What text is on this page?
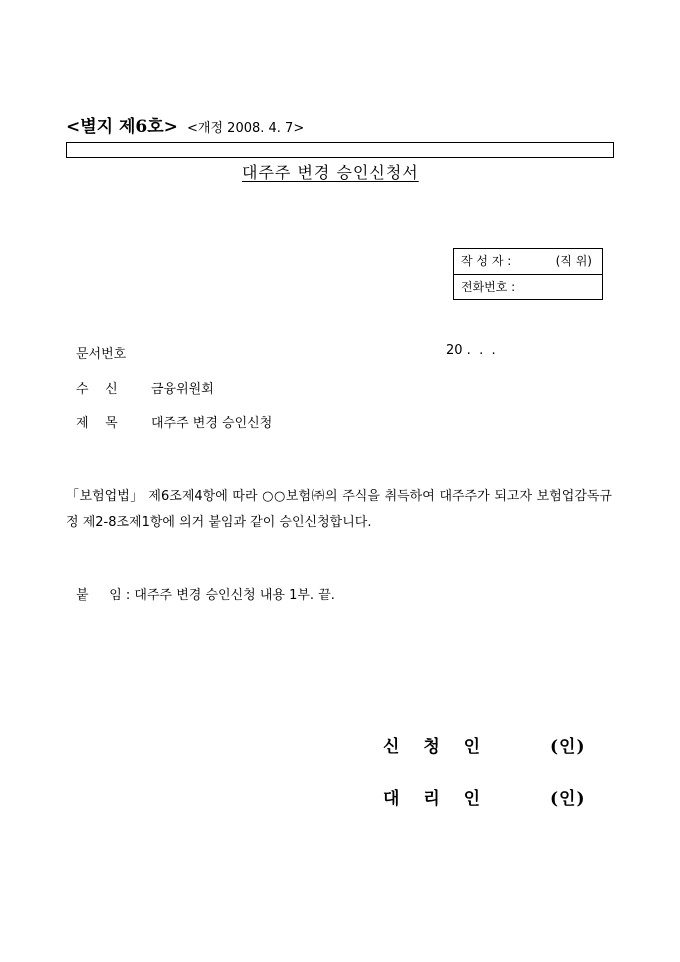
<별지 제6호> <개정 2008. 4. 7>
대주주 변경 승인신청서
작 성 자 :	(직 위)
전화번호 :
문서번호	20 .  .  .
수    신	금융위원회
제    목	대주주 변경 승인신청
「보험업법」 제6조제4항에 따라 ○○보험㈜의 주식을 취득하여 대주주가 되고자 보험업감독규정 제2-8조제1항에 의거 붙임과 같이 승인신청합니다.
붙     임 : 대주주 변경 승인신청 내용 1부. 끝.
신 청 인	(인)
대 리 인	(인)
